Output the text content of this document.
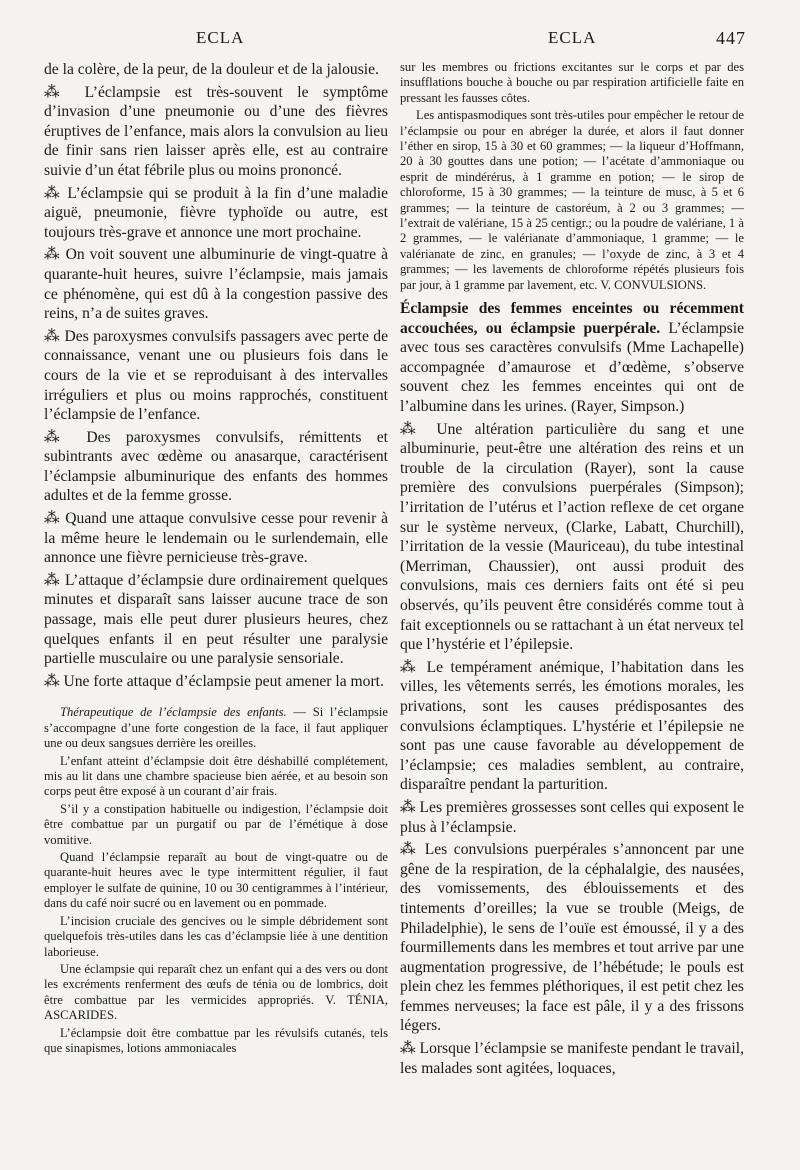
ECLA	ECLA	447

de la colère, de la peur, de la douleur et de la jalousie.

⁂ L’éclampsie est très-souvent le symptôme d’invasion d’une pneumonie ou d’une des fièvres éruptives de l’enfance, mais alors la convulsion au lieu de finir sans rien laisser après elle, est au contraire suivie d’un état fébrile plus ou moins prononcé.

⁂ L’éclampsie qui se produit à la fin d’une maladie aiguë, pneumonie, fièvre typhoïde ou autre, est toujours très-grave et annonce une mort prochaine.

⁂ On voit souvent une albuminurie de vingt-quatre à quarante-huit heures, suivre l’éclampsie, mais jamais ce phénomène, qui est dû à la congestion passive des reins, n’a de suites graves.

⁂ Des paroxysmes convulsifs passagers avec perte de connaissance, venant une ou plusieurs fois dans le cours de la vie et se reproduisant à des intervalles irréguliers et plus ou moins rapprochés, constituent l’éclampsie de l’enfance.

⁂ Des paroxysmes convulsifs, rémittents et subintrants avec œdème ou anasarque, caractérisent l’éclampsie albuminurique des enfants des hommes adultes et de la femme grosse.

⁂ Quand une attaque convulsive cesse pour revenir à la même heure le lendemain ou le surlendemain, elle annonce une fièvre pernicieuse très-grave.

⁂ L’attaque d’éclampsie dure ordinairement quelques minutes et disparaît sans laisser aucune trace de son passage, mais elle peut durer plusieurs heures, chez quelques enfants il en peut résulter une paralysie partielle musculaire ou une paralysie sensoriale.

⁂ Une forte attaque d’éclampsie peut amener la mort.

Thérapeutique de l’éclampsie des enfants. — Si l’éclampsie s’accompagne d’une forte congestion de la face, il faut appliquer une ou deux sangsues derrière les oreilles.

L’enfant atteint d’éclampsie doit être déshabillé complétement, mis au lit dans une chambre spacieuse bien aérée, et au besoin son corps peut être exposé à un courant d’air frais.

S’il y a constipation habituelle ou indigestion, l’éclampsie doit être combattue par un purgatif ou par de l’émétique à dose vomitive.

Quand l’éclampsie reparaît au bout de vingt-quatre ou de quarante-huit heures avec le type intermittent régulier, il faut employer le sulfate de quinine, 10 ou 30 centigrammes à l’intérieur, dans du café noir sucré ou en lavement ou en pommade.

L’incision cruciale des gencives ou le simple débridement sont quelquefois très-utiles dans les cas d’éclampsie liée à une dentition laborieuse.

Une éclampsie qui reparaît chez un enfant qui a des vers ou dont les excréments renferment des œufs de ténia ou de lombrics, doit être combattue par les vermicides appropriés. V. TÉNIA, ASCARIDES.

L’éclampsie doit être combattue par les révulsifs cutanés, tels que sinapismes, lotions ammoniacales

sur les membres ou frictions excitantes sur le corps et par des insufflations bouche à bouche ou par respiration artificielle faite en pressant les fausses côtes.

Les antispasmodiques sont très-utiles pour empêcher le retour de l’éclampsie ou pour en abréger la durée, et alors il faut donner l’éther en sirop, 15 à 30 et 60 grammes; — la liqueur d’Hoffmann, 20 à 30 gouttes dans une potion; — l’acétate d’ammoniaque ou esprit de mindérérus, à 1 gramme en potion; — le sirop de chloroforme, 15 à 30 grammes; — la teinture de musc, à 5 et 6 grammes; — la teinture de castoréum, à 2 ou 3 grammes; — l’extrait de valériane, 15 à 25 centigr.; ou la poudre de valériane, 1 à 2 grammes, — le valérianate d’ammoniaque, 1 gramme; — le valérianate de zinc, en granules; — l’oxyde de zinc, à 3 et 4 grammes; — les lavements de chloroforme répétés plusieurs fois par jour, à 1 gramme par lavement, etc. V. CONVULSIONS.

Éclampsie des femmes enceintes ou récemment accouchées, ou éclampsie puerpérale. L’éclampsie avec tous ses caractères convulsifs (Mme Lachapelle) accompagnée d’amaurose et d’œdème, s’observe souvent chez les femmes enceintes qui ont de l’albumine dans les urines. (Rayer, Simpson.)

⁂ Une altération particulière du sang et une albuminurie, peut-être une altération des reins et un trouble de la circulation (Rayer), sont la cause première des convulsions puerpérales (Simpson); l’irritation de l’utérus et l’action reflexe de cet organe sur le système nerveux, (Clarke, Labatt, Churchill), l’irritation de la vessie (Mauriceau), du tube intestinal (Merriman, Chaussier), ont aussi produit des convulsions, mais ces derniers faits ont été si peu observés, qu’ils peuvent être considérés comme tout à fait exceptionnels ou se rattachant à un état nerveux tel que l’hystérie et l’épilepsie.

⁂ Le tempérament anémique, l’habitation dans les villes, les vêtements serrés, les émotions morales, les privations, sont les causes prédisposantes des convulsions éclamptiques. L’hystérie et l’épilepsie ne sont pas une cause favorable au développement de l’éclampsie; ces maladies semblent, au contraire, disparaître pendant la parturition.

⁂ Les premières grossesses sont celles qui exposent le plus à l’éclampsie.

⁂ Les convulsions puerpérales s’annoncent par une gêne de la respiration, de la céphalalgie, des nausées, des vomissements, des éblouissements et des tintements d’oreilles; la vue se trouble (Meigs, de Philadelphie), le sens de l’ouïe est émoussé, il y a des fourmillements dans les membres et tout arrive par une augmentation progressive, de l’hébétude; le pouls est plein chez les femmes pléthoriques, il est petit chez les femmes nerveuses; la face est pâle, il y a des frissons légers.

⁂ Lorsque l’éclampsie se manifeste pendant le travail, les malades sont agitées, loquaces,
